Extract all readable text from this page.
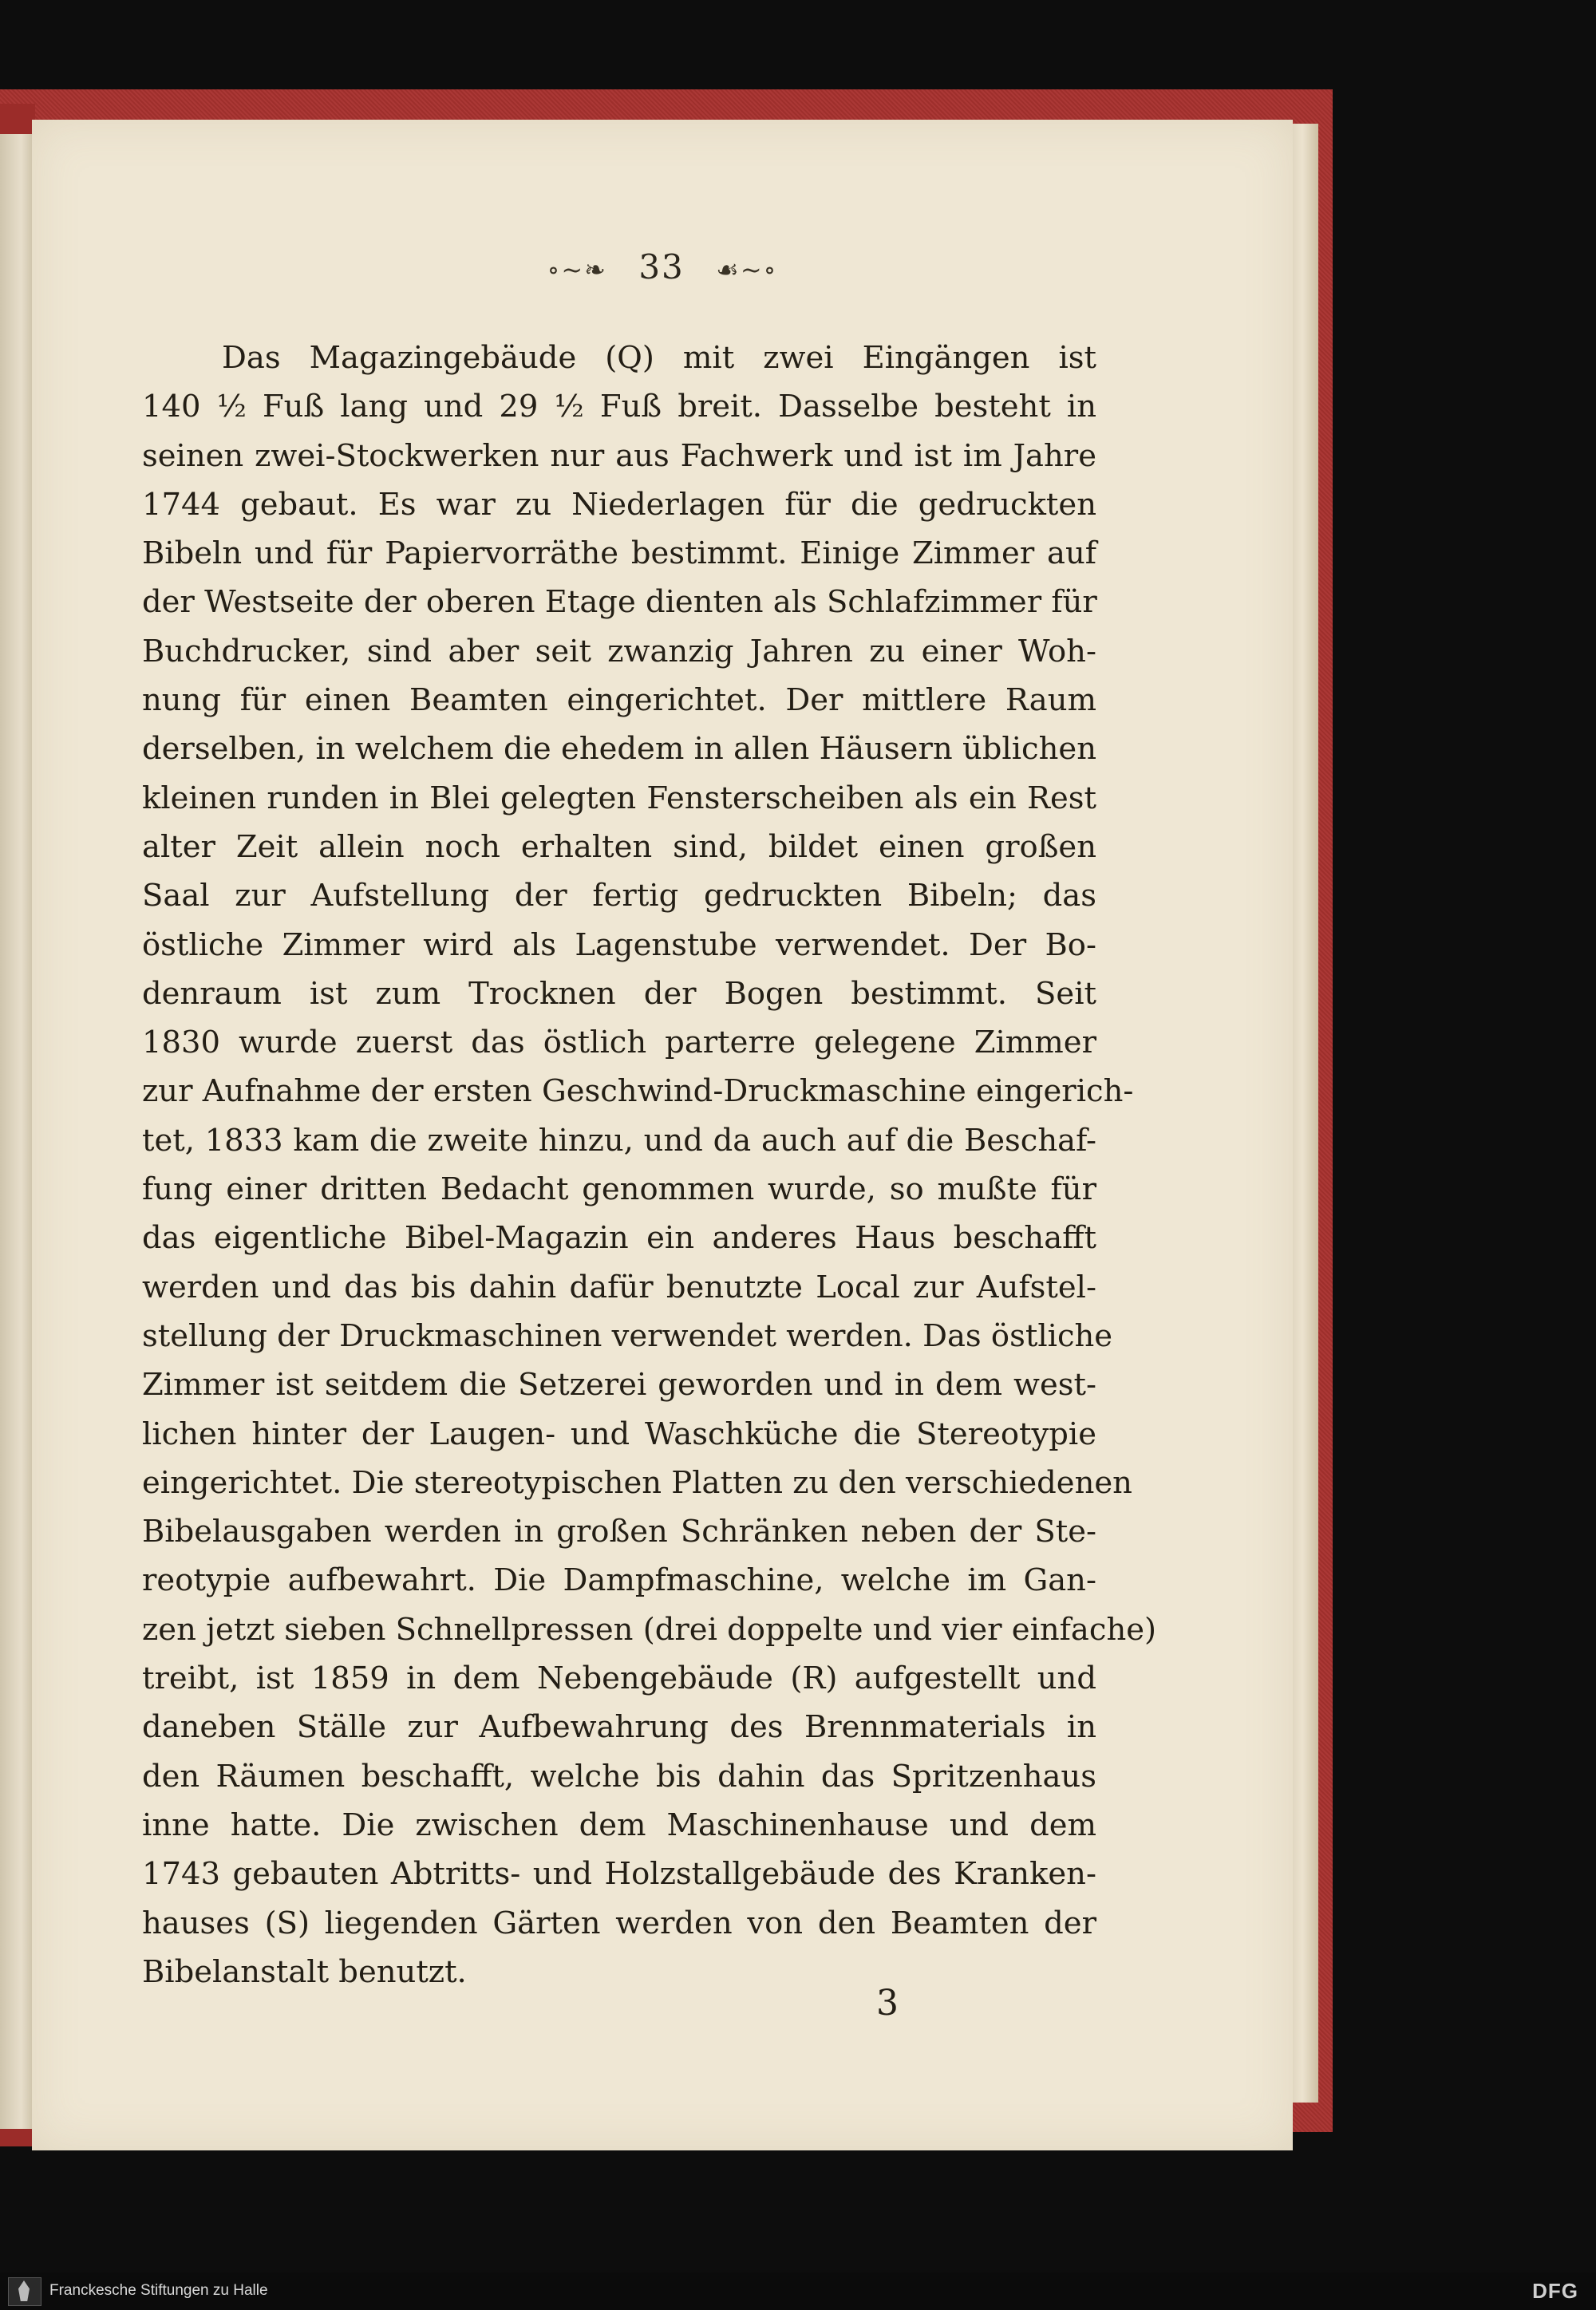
∘~❧ 33 ☙~∘
Das Magazingebäude (Q) mit zwei Eingängen ist
140 ½ Fuß lang und 29 ½ Fuß breit. Dasselbe besteht in
seinen zwei-Stockwerken nur aus Fachwerk und ist im Jahre
1744 gebaut. Es war zu Niederlagen für die gedruckten
Bibeln und für Papiervorräthe bestimmt. Einige Zimmer auf
der Westseite der oberen Etage dienten als Schlafzimmer für
Buchdrucker, sind aber seit zwanzig Jahren zu einer Woh-
nung für einen Beamten eingerichtet. Der mittlere Raum
derselben, in welchem die ehedem in allen Häusern üblichen
kleinen runden in Blei gelegten Fensterscheiben als ein Rest
alter Zeit allein noch erhalten sind, bildet einen großen
Saal zur Aufstellung der fertig gedruckten Bibeln; das
östliche Zimmer wird als Lagenstube verwendet. Der Bo-
denraum ist zum Trocknen der Bogen bestimmt. Seit
1830 wurde zuerst das östlich parterre gelegene Zimmer
zur Aufnahme der ersten Geschwind-Druckmaschine eingerich-
tet, 1833 kam die zweite hinzu, und da auch auf die Beschaf-
fung einer dritten Bedacht genommen wurde, so mußte für
das eigentliche Bibel-Magazin ein anderes Haus beschafft
werden und das bis dahin dafür benutzte Local zur Aufstel-
stellung der Druckmaschinen verwendet werden. Das östliche
Zimmer ist seitdem die Setzerei geworden und in dem west-
lichen hinter der Laugen- und Waschküche die Stereotypie
eingerichtet. Die stereotypischen Platten zu den verschiedenen
Bibelausgaben werden in großen Schränken neben der Ste-
reotypie aufbewahrt. Die Dampfmaschine, welche im Gan-
zen jetzt sieben Schnellpressen (drei doppelte und vier einfache)
treibt, ist 1859 in dem Nebengebäude (R) aufgestellt und
daneben Ställe zur Aufbewahrung des Brennmaterials in
den Räumen beschafft, welche bis dahin das Spritzenhaus
inne hatte. Die zwischen dem Maschinenhause und dem
1743 gebauten Abtritts- und Holzstallgebäude des Kranken-
hauses (S) liegenden Gärten werden von den Beamten der
Bibelanstalt benutzt.
3
Franckesche Stiftungen zu Halle	DFG
